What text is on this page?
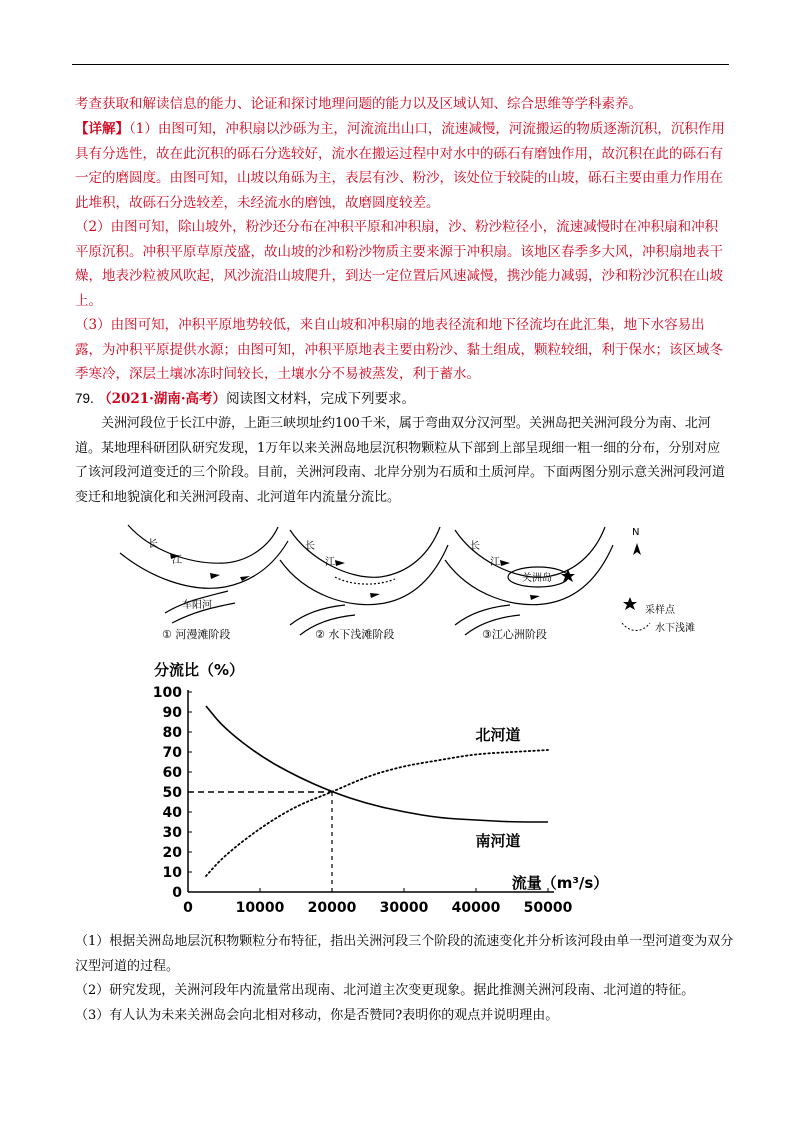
考查获取和解读信息的能力、论证和探讨地理问题的能力以及区域认知、综合思维等学科素养。
【详解】（1）由图可知，冲积扇以沙砾为主，河流流出山口，流速减慢，河流搬运的物质逐渐沉积，沉积作用具有分选性，故在此沉积的砾石分选较好，流水在搬运过程中对水中的砾石有磨蚀作用，故沉积在此的砾石有一定的磨圆度。由图可知，山坡以角砾为主，表层有沙、粉沙，该处位于较陡的山坡，砾石主要由重力作用在此堆积，故砾石分选较差，未经流水的磨蚀，故磨圆度较差。
（2）由图可知，除山坡外，粉沙还分布在冲积平原和冲积扇，沙、粉沙粒径小，流速减慢时在冲积扇和冲积平原沉积。冲积平原草原茂盛，故山坡的沙和粉沙物质主要来源于冲积扇。该地区春季多大风，冲积扇地表干燥，地表沙粒被风吹起，风沙流沿山坡爬升，到达一定位置后风速减慢，携沙能力减弱，沙和粉沙沉积在山坡上。
（3）由图可知，冲积平原地势较低，来自山坡和冲积扇的地表径流和地下径流均在此汇集，地下水容易出露，为冲积平原提供水源；由图可知，冲积平原地表主要由粉沙、黏土组成，颗粒较细，利于保水；该区域冬季寒冷，深层土壤冰冻时间较长，土壤水分不易被蒸发，利于蓄水。
79. （2021·湖南·高考）阅读图文材料，完成下列要求。
关洲河段位于长江中游，上距三峡坝址约100千米，属于弯曲双分汉河型。关洲岛把关洲河段分为南、北河道。某地理科研团队研究发现，1万年以来关洲岛地层沉积物颗粒从下部到上部呈现细一粗一细的分布，分别对应了该河段河道变迁的三个阶段。目前，关洲河段南、北岸分别为石质和土质河岸。下面两图分别示意关洲河段河道变迁和地貌演化和关洲河段南、北河道年内流量分流比。
长
江
车阳河
长
江
长
江
关洲岛
N
采样点
水下浅滩
① 河漫滩阶段	② 水下浅滩阶段	③江心洲阶段
0
10
20
30
40
50
60
70
80
90
100
0	10000 20000 30000 40000 50000
分流比（%）
流量（m³/s）
北河道
南河道

（1）根据关洲岛地层沉积物颗粒分布特征，指出关洲河段三个阶段的流速变化并分析该河段由单一型河道变为双分汉型河道的过程。

（2）研究发现，关洲河段年内流量常出现南、北河道主次变更现象。据此推测关洲河段南、北河道的特征。

（3）有人认为未来关洲岛会向北相对移动，你是否赞同?表明你的观点并说明理由。
